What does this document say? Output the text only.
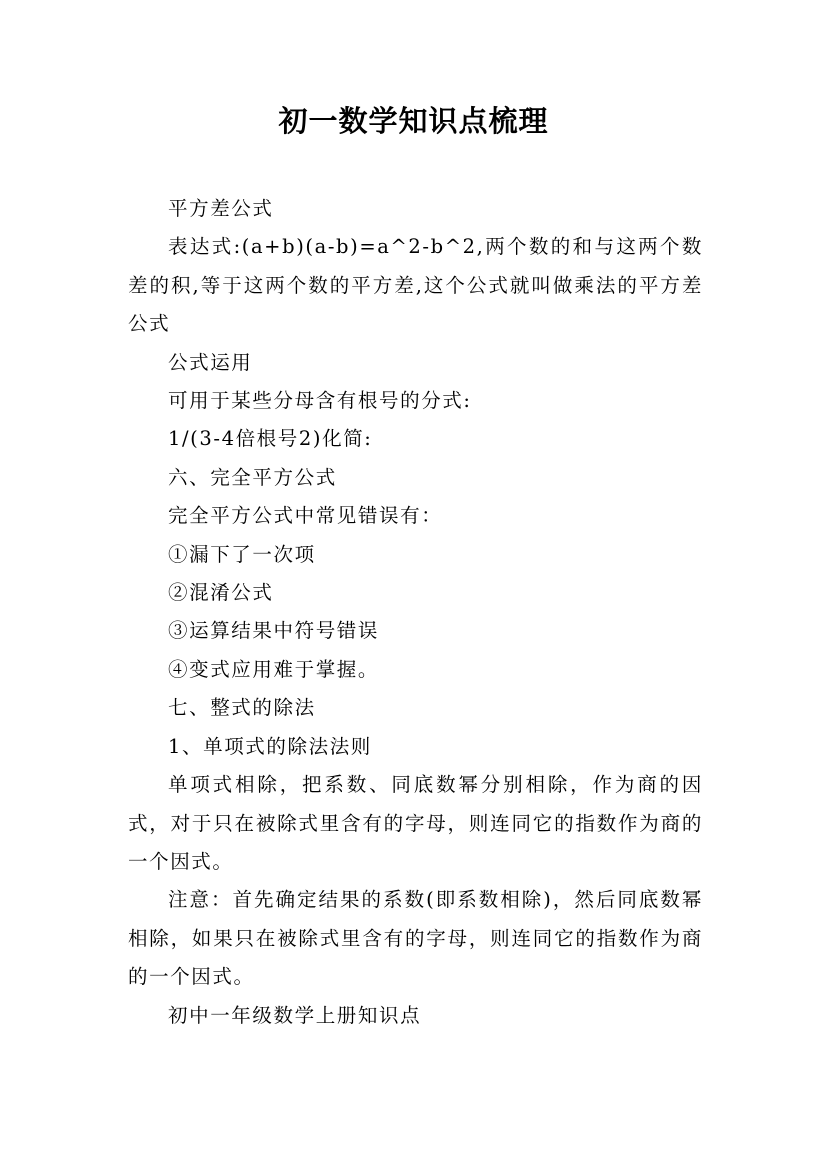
初一数学知识点梳理

平方差公式

表达式:(a+b)(a-b)=a^2-b^2,两个数的和与这两个数差的积,等于这两个数的平方差,这个公式就叫做乘法的平方差公式

公式运用

可用于某些分母含有根号的分式:

1/(3-4倍根号2)化简:

六、完全平方公式

完全平方公式中常见错误有：

①漏下了一次项

②混淆公式

③运算结果中符号错误

④变式应用难于掌握。

七、整式的除法

1、单项式的除法法则

单项式相除，把系数、同底数幂分别相除，作为商的因式，对于只在被除式里含有的字母，则连同它的指数作为商的一个因式。

注意：首先确定结果的系数(即系数相除)，然后同底数幂相除，如果只在被除式里含有的字母，则连同它的指数作为商的一个因式。

初中一年级数学上册知识点
